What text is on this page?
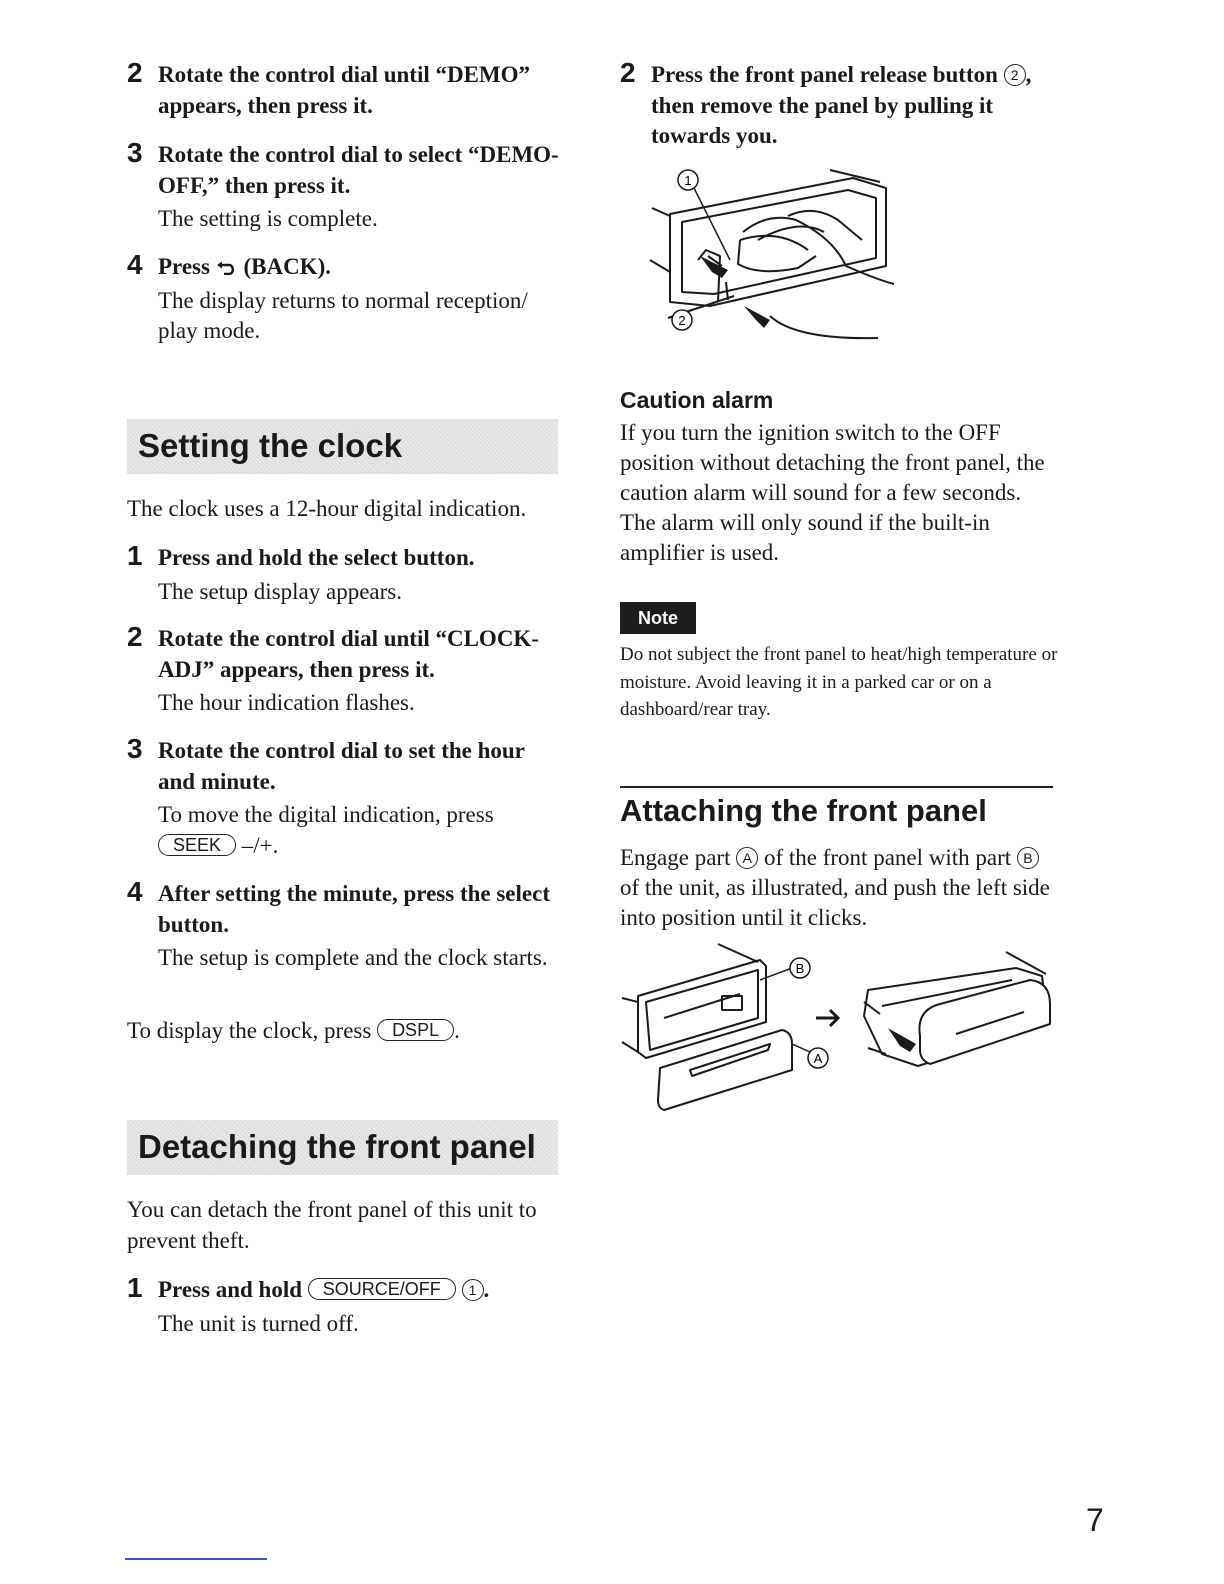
2 Rotate the control dial until “DEMO” appears, then press it.
3 Rotate the control dial to select “DEMO-OFF,” then press it.
The setting is complete.
4 Press (BACK).
The display returns to normal reception/ play mode.
Setting the clock
The clock uses a 12-hour digital indication.
1 Press and hold the select button.
The setup display appears.
2 Rotate the control dial until “CLOCK-ADJ” appears, then press it.
The hour indication flashes.
3 Rotate the control dial to set the hour and minute.
To move the digital indication, press SEEK –/+.
4 After setting the minute, press the select button.
The setup is complete and the clock starts.
To display the clock, press DSPL .
Detaching the front panel
You can detach the front panel of this unit to prevent theft.
1 Press and hold SOURCE/OFF 1 .
The unit is turned off.
2 Press the front panel release button 2 , then remove the panel by pulling it towards you.
1
2
Caution alarm
If you turn the ignition switch to the OFF position without detaching the front panel, the caution alarm will sound for a few seconds. The alarm will only sound if the built-in amplifier is used.
Note
Do not subject the front panel to heat/high temperature or moisture. Avoid leaving it in a parked car or on a dashboard/rear tray.
Attaching the front panel
Engage part A of the front panel with part B of the unit, as illustrated, and push the left side into position until it clicks.
B
A
7
